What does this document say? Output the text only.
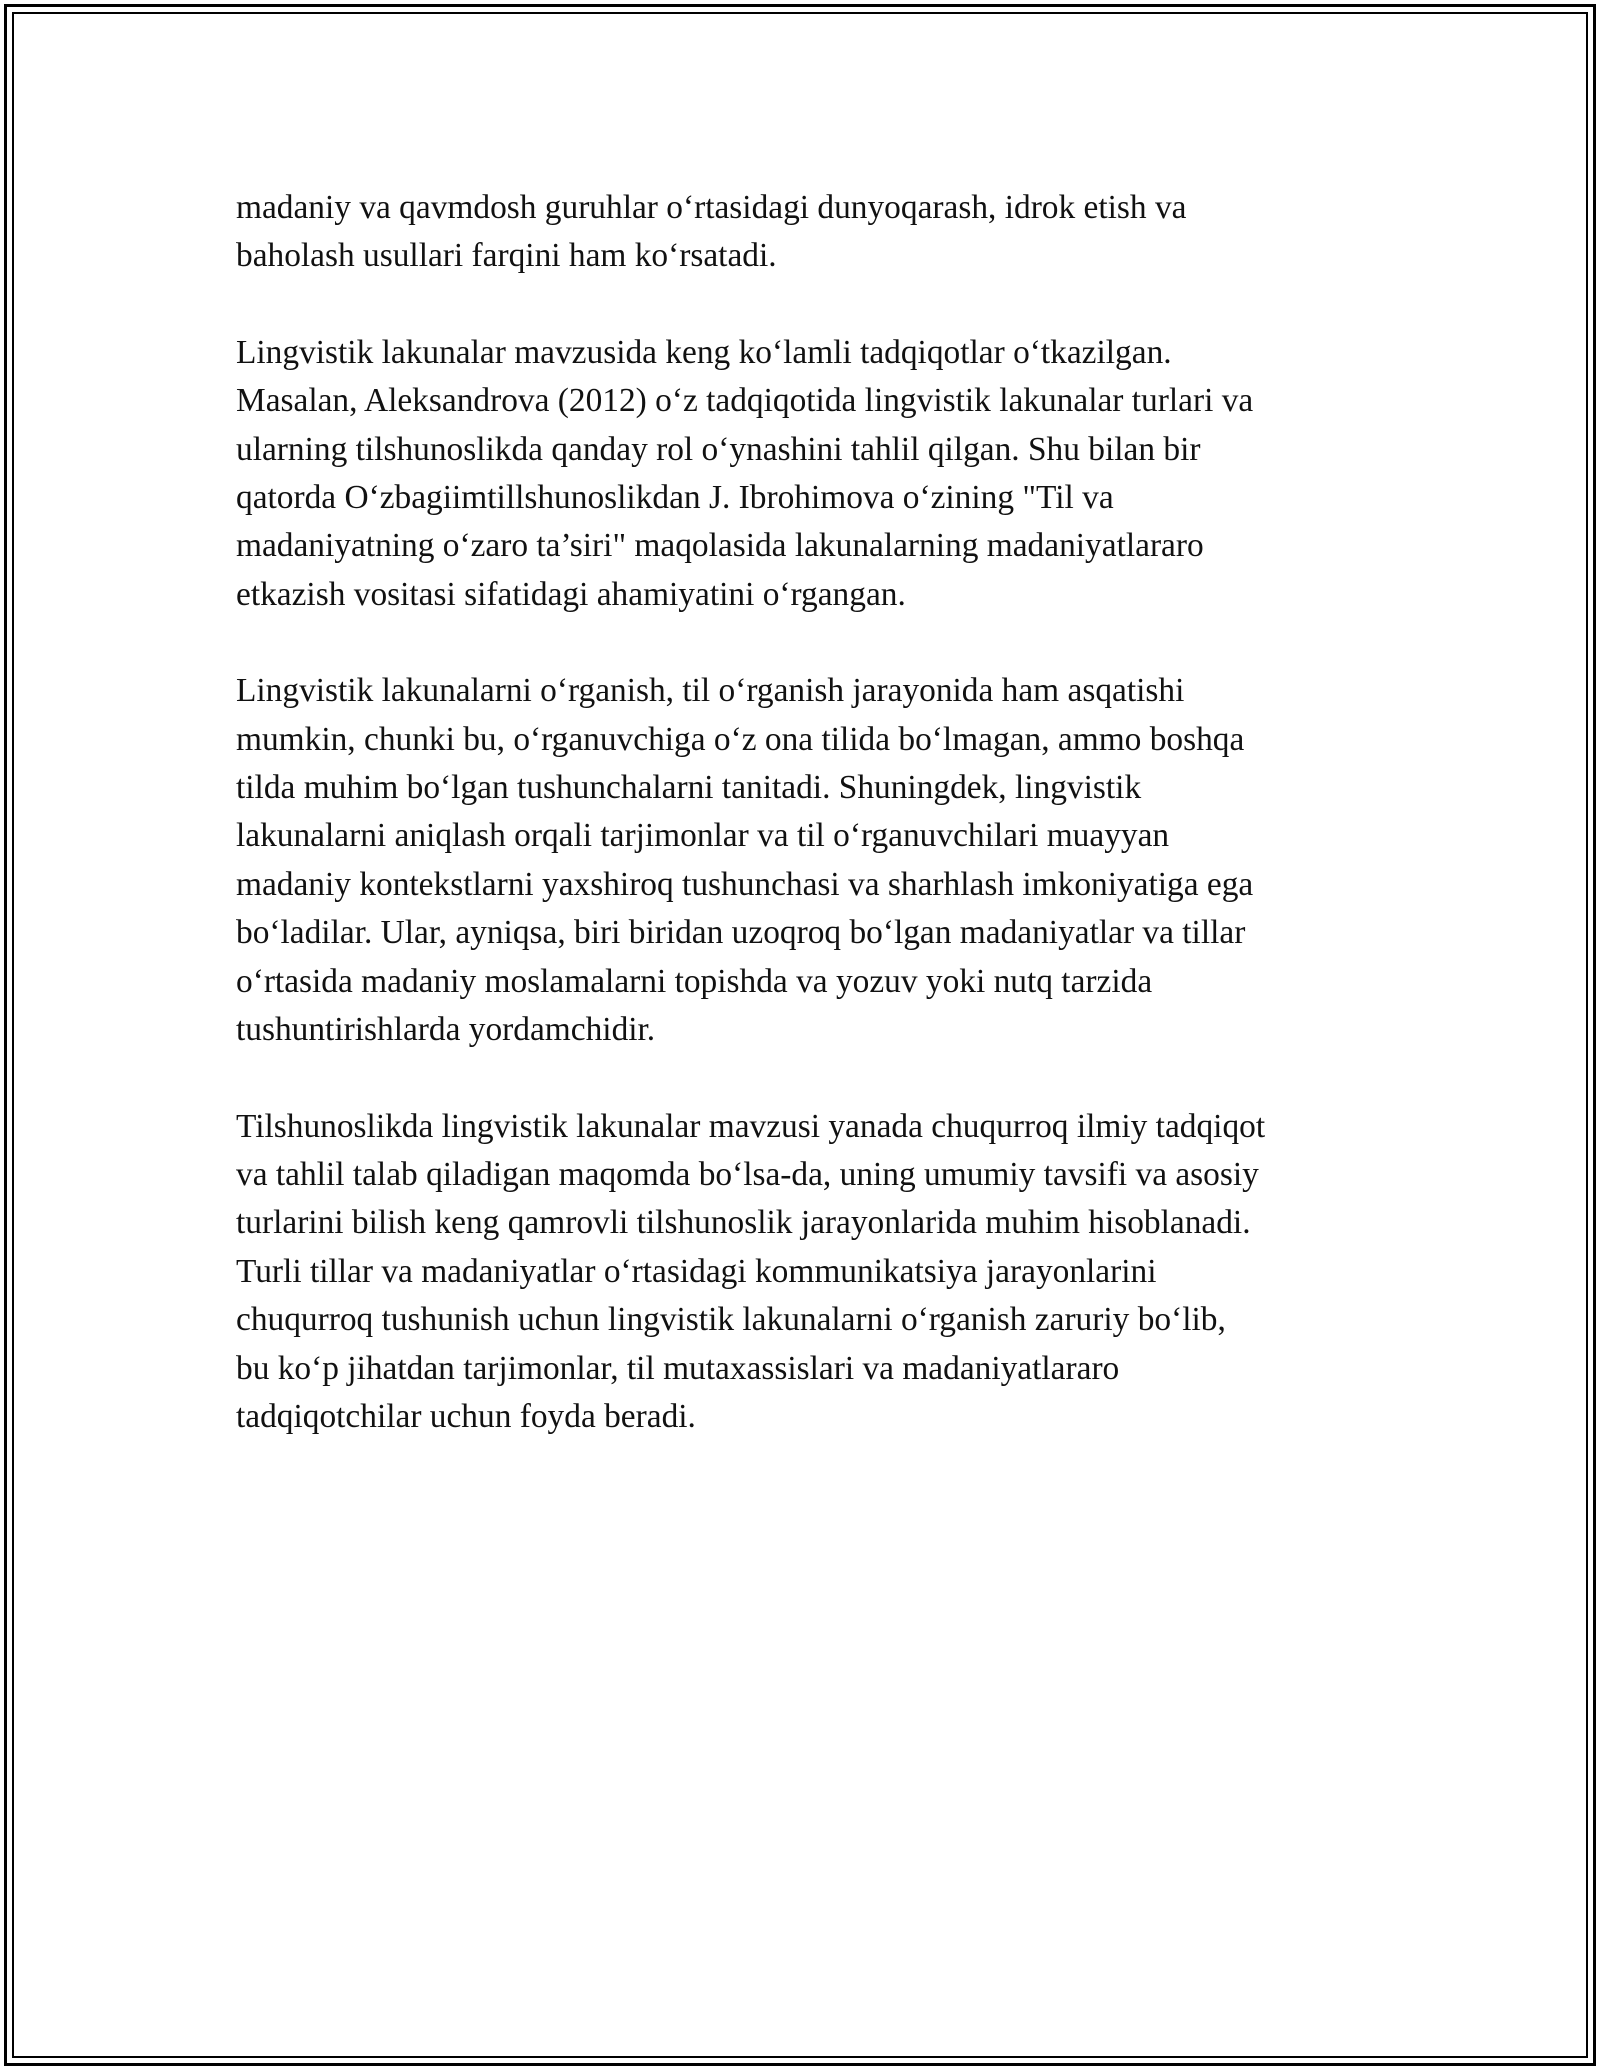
madaniy va qavmdosh guruhlar o‘rtasidagi dunyoqarash, idrok etish va
baholash usullari farqini ham ko‘rsatadi.
Lingvistik lakunalar mavzusida keng ko‘lamli tadqiqotlar o‘tkazilgan.
Masalan, Aleksandrova (2012) o‘z tadqiqotida lingvistik lakunalar turlari va
ularning tilshunoslikda qanday rol o‘ynashini tahlil qilgan. Shu bilan bir
qatorda O‘zbagiimtillshunoslikdan J. Ibrohimova o‘zining "Til va
madaniyatning o‘zaro ta’siri" maqolasida lakunalarning madaniyatlararo
etkazish vositasi sifatidagi ahamiyatini o‘rgangan.
Lingvistik lakunalarni o‘rganish, til o‘rganish jarayonida ham asqatishi
mumkin, chunki bu, o‘rganuvchiga o‘z ona tilida bo‘lmagan, ammo boshqa
tilda muhim bo‘lgan tushunchalarni tanitadi. Shuningdek, lingvistik
lakunalarni aniqlash orqali tarjimonlar va til o‘rganuvchilari muayyan
madaniy kontekstlarni yaxshiroq tushunchasi va sharhlash imkoniyatiga ega
bo‘ladilar. Ular, ayniqsa, biri biridan uzoqroq bo‘lgan madaniyatlar va tillar
o‘rtasida madaniy moslamalarni topishda va yozuv yoki nutq tarzida
tushuntirishlarda yordamchidir.
Tilshunoslikda lingvistik lakunalar mavzusi yanada chuqurroq ilmiy tadqiqot
va tahlil talab qiladigan maqomda bo‘lsa-da, uning umumiy tavsifi va asosiy
turlarini bilish keng qamrovli tilshunoslik jarayonlarida muhim hisoblanadi.
Turli tillar va madaniyatlar o‘rtasidagi kommunikatsiya jarayonlarini
chuqurroq tushunish uchun lingvistik lakunalarni o‘rganish zaruriy bo‘lib,
bu ko‘p jihatdan tarjimonlar, til mutaxassislari va madaniyatlararo
tadqiqotchilar uchun foyda beradi.
